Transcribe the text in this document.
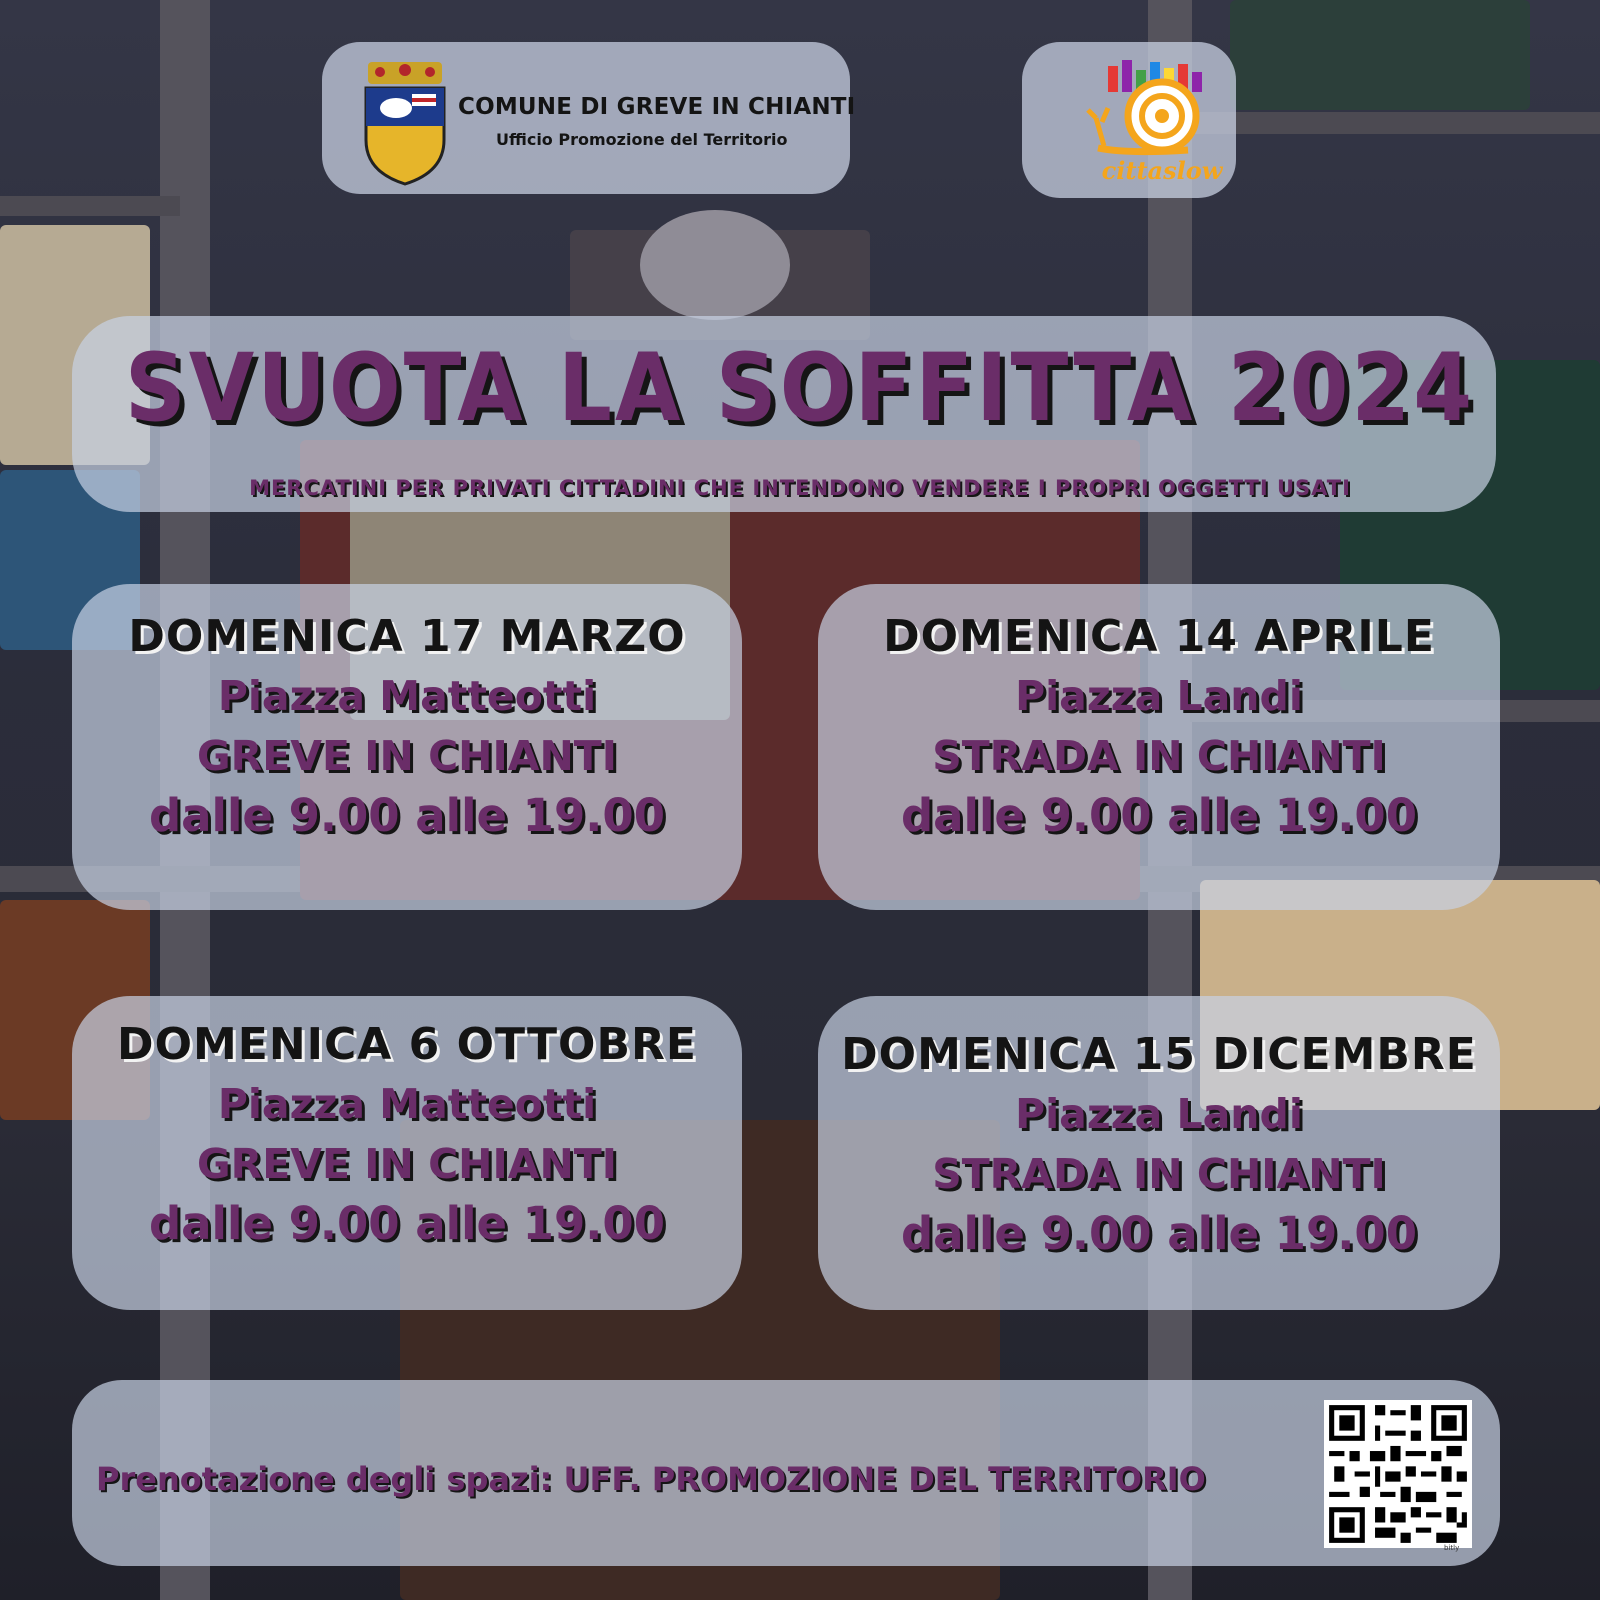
COMUNE DI GREVE IN CHIANTI
Ufficio Promozione del Territorio
cittaslow
SVUOTA LA SOFFITTA 2024
MERCATINI PER PRIVATI CITTADINI CHE INTENDONO VENDERE I PROPRI OGGETTI USATI
DOMENICA 17 MARZO
Piazza Matteotti
GREVE IN CHIANTI
dalle 9.00 alle 19.00
DOMENICA 14 APRILE
Piazza Landi
STRADA IN CHIANTI
dalle 9.00 alle 19.00
DOMENICA 6 OTTOBRE
Piazza Matteotti
GREVE IN CHIANTI
dalle 9.00 alle 19.00
DOMENICA 15 DICEMBRE
Piazza Landi
STRADA IN CHIANTI
dalle 9.00 alle 19.00
Prenotazione degli spazi: UFF. PROMOZIONE DEL TERRITORIO
bitly
